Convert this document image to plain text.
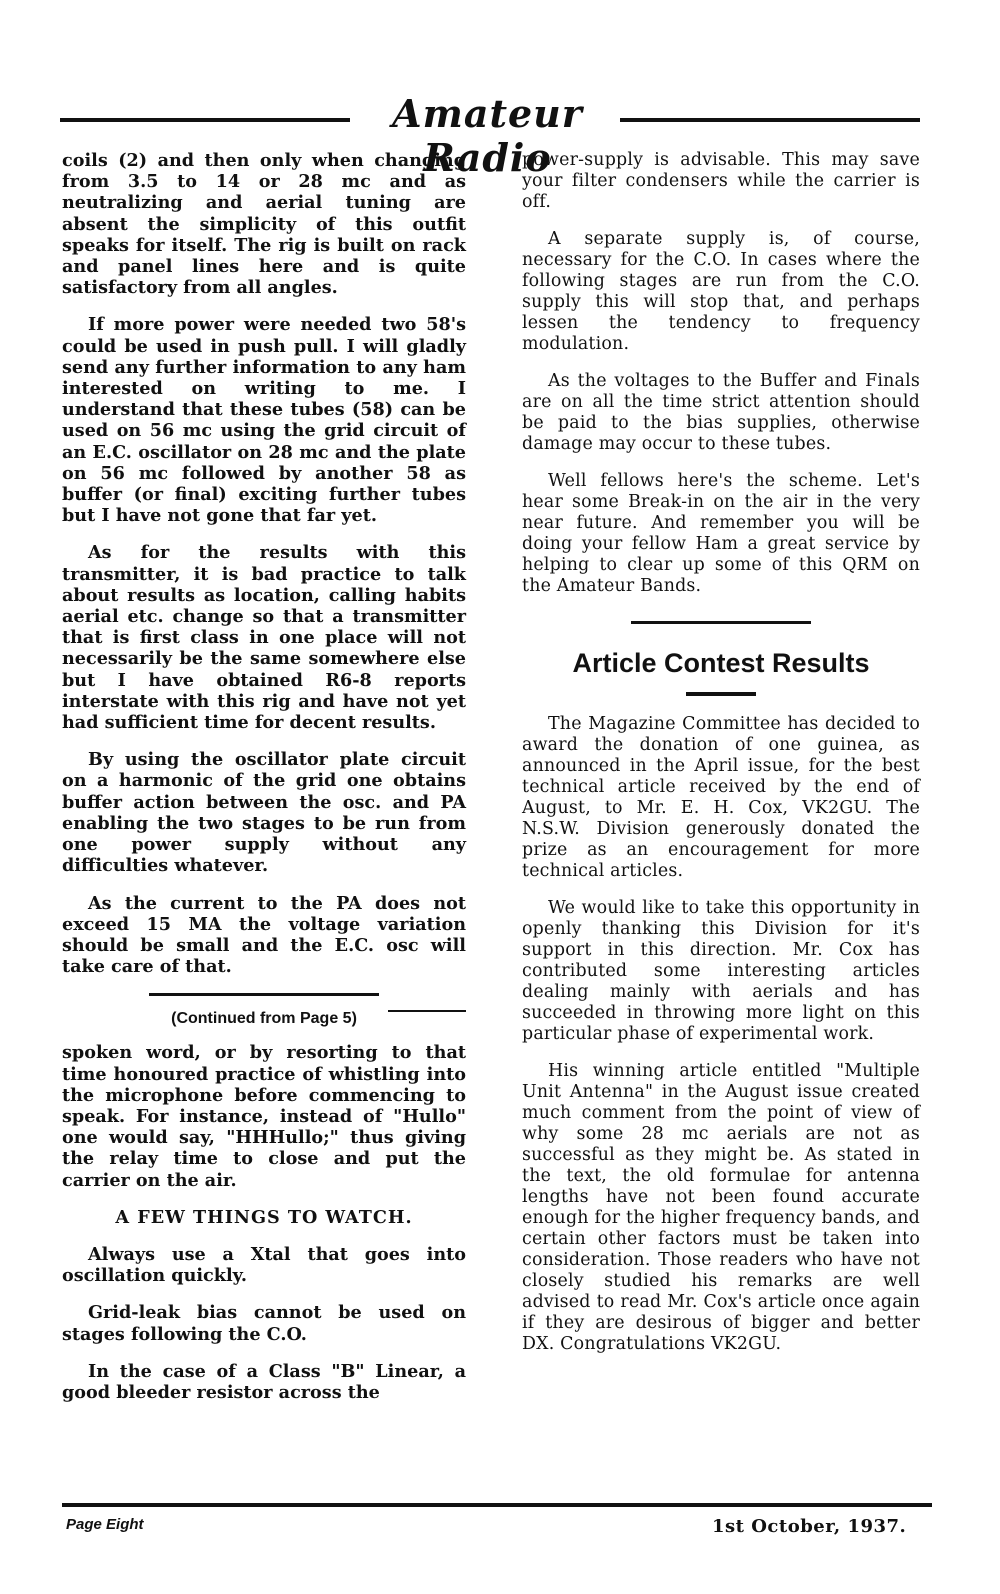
Amateur Radio

coils (2) and then only when changing from 3.5 to 14 or 28 mc and as neutralizing and aerial tuning are absent the simplicity of this outfit speaks for itself. The rig is built on rack and panel lines here and is quite satisfactory from all angles.

If more power were needed two 58's could be used in push pull. I will gladly send any further information to any ham interested on writing to me. I understand that these tubes (58) can be used on 56 mc using the grid circuit of an E.C. oscillator on 28 mc and the plate on 56 mc followed by another 58 as buffer (or final) exciting further tubes but I have not gone that far yet.

As for the results with this transmitter, it is bad practice to talk about results as location, calling habits aerial etc. change so that a transmitter that is first class in one place will not necessarily be the same somewhere else but I have obtained R6-8 reports interstate with this rig and have not yet had sufficient time for decent results.

By using the oscillator plate circuit on a harmonic of the grid one obtains buffer action between the osc. and PA enabling the two stages to be run from one power supply without any difficulties whatever.

As the current to the PA does not exceed 15 MA the voltage variation should be small and the E.C. osc will take care of that.

(Continued from Page 5)

spoken word, or by resorting to that time honoured practice of whistling into the microphone before commencing to speak. For instance, instead of "Hullo" one would say, "HHHullo;" thus giving the relay time to close and put the carrier on the air.

A FEW THINGS TO WATCH.

Always use a Xtal that goes into oscillation quickly.

Grid-leak bias cannot be used on stages following the C.O.

In the case of a Class "B" Linear, a good bleeder resistor across the

power-supply is advisable. This may save your filter condensers while the carrier is off.

A separate supply is, of course, necessary for the C.O. In cases where the following stages are run from the C.O. supply this will stop that, and perhaps lessen the tendency to frequency modulation.

As the voltages to the Buffer and Finals are on all the time strict attention should be paid to the bias supplies, otherwise damage may occur to these tubes.

Well fellows here's the scheme. Let's hear some Break-in on the air in the very near future. And remember you will be doing your fellow Ham a great service by helping to clear up some of this QRM on the Amateur Bands.

Article Contest Results

The Magazine Committee has decided to award the donation of one guinea, as announced in the April issue, for the best technical article received by the end of August, to Mr. E. H. Cox, VK2GU. The N.S.W. Division generously donated the prize as an encouragement for more technical articles.

We would like to take this opportunity in openly thanking this Division for it's support in this direction. Mr. Cox has contributed some interesting articles dealing mainly with aerials and has succeeded in throwing more light on this particular phase of experimental work.

His winning article entitled "Multiple Unit Antenna" in the August issue created much comment from the point of view of why some 28 mc aerials are not as successful as they might be. As stated in the text, the old formulae for antenna lengths have not been found accurate enough for the higher frequency bands, and certain other factors must be taken into consideration. Those readers who have not closely studied his remarks are well advised to read Mr. Cox's article once again if they are desirous of bigger and better DX. Congratulations VK2GU.

Page Eight	1st October, 1937.
